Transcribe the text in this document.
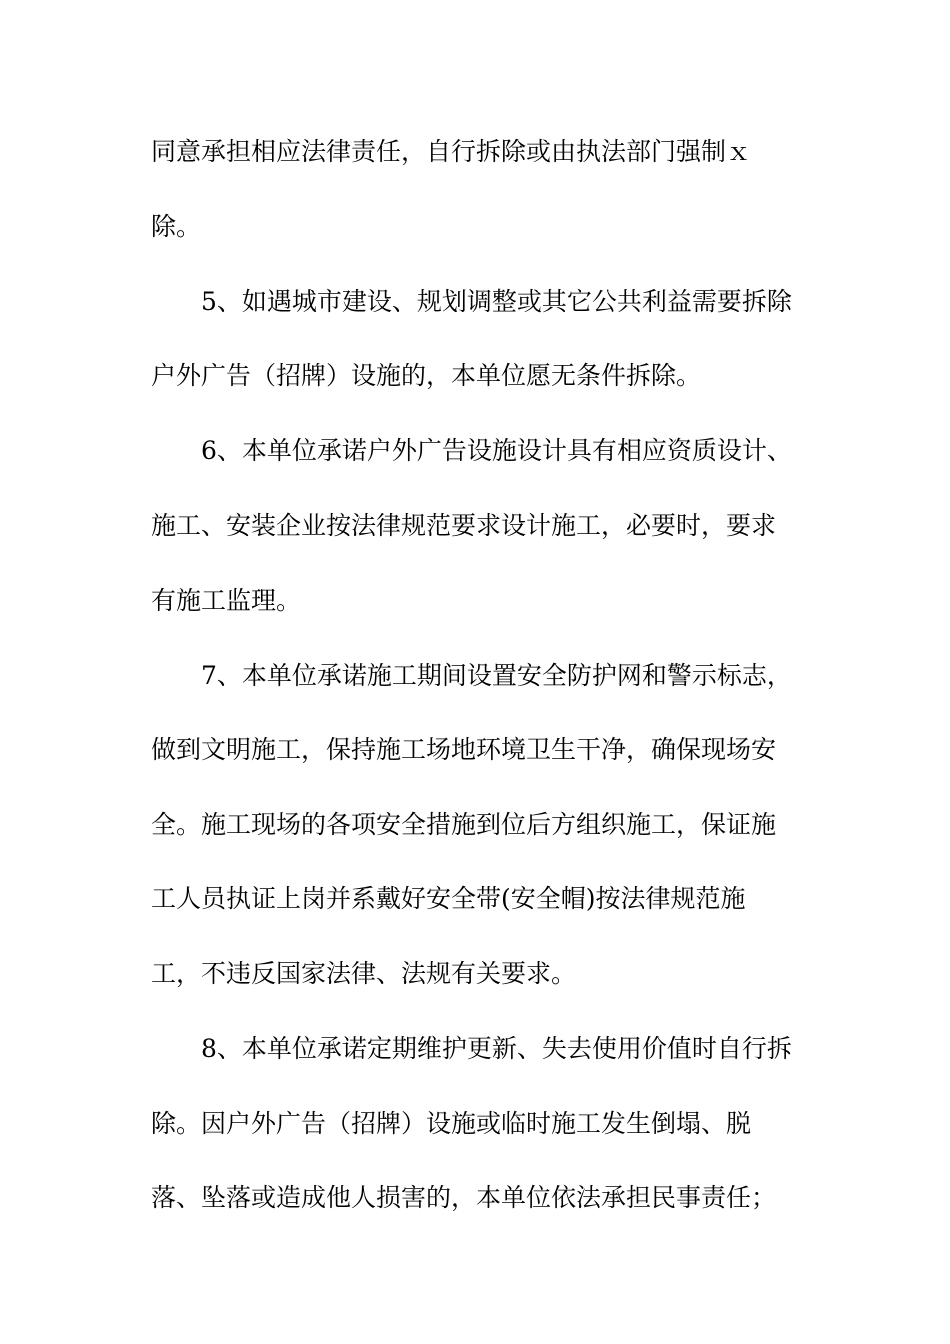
同意承担相应法律责任，自行拆除或由执法部门强制ｘ
除。
5、如遇城市建设、规划调整或其它公共利益需要拆除
户外广告（招牌）设施的，本单位愿无条件拆除。
6、本单位承诺户外广告设施设计具有相应资质设计、
施工、安装企业按法律规范要求设计施工，必要时，要求
有施工监理。
7、本单位承诺施工期间设置安全防护网和警示标志，
做到文明施工，保持施工场地环境卫生干净，确保现场安
全。施工现场的各项安全措施到位后方组织施工，保证施
工人员执证上岗并系戴好安全带(安全帽)按法律规范施
工，不违反国家法律、法规有关要求。
8、本单位承诺定期维护更新、失去使用价值时自行拆
除。因户外广告（招牌）设施或临时施工发生倒塌、脱
落、坠落或造成他人损害的，本单位依法承担民事责任；
